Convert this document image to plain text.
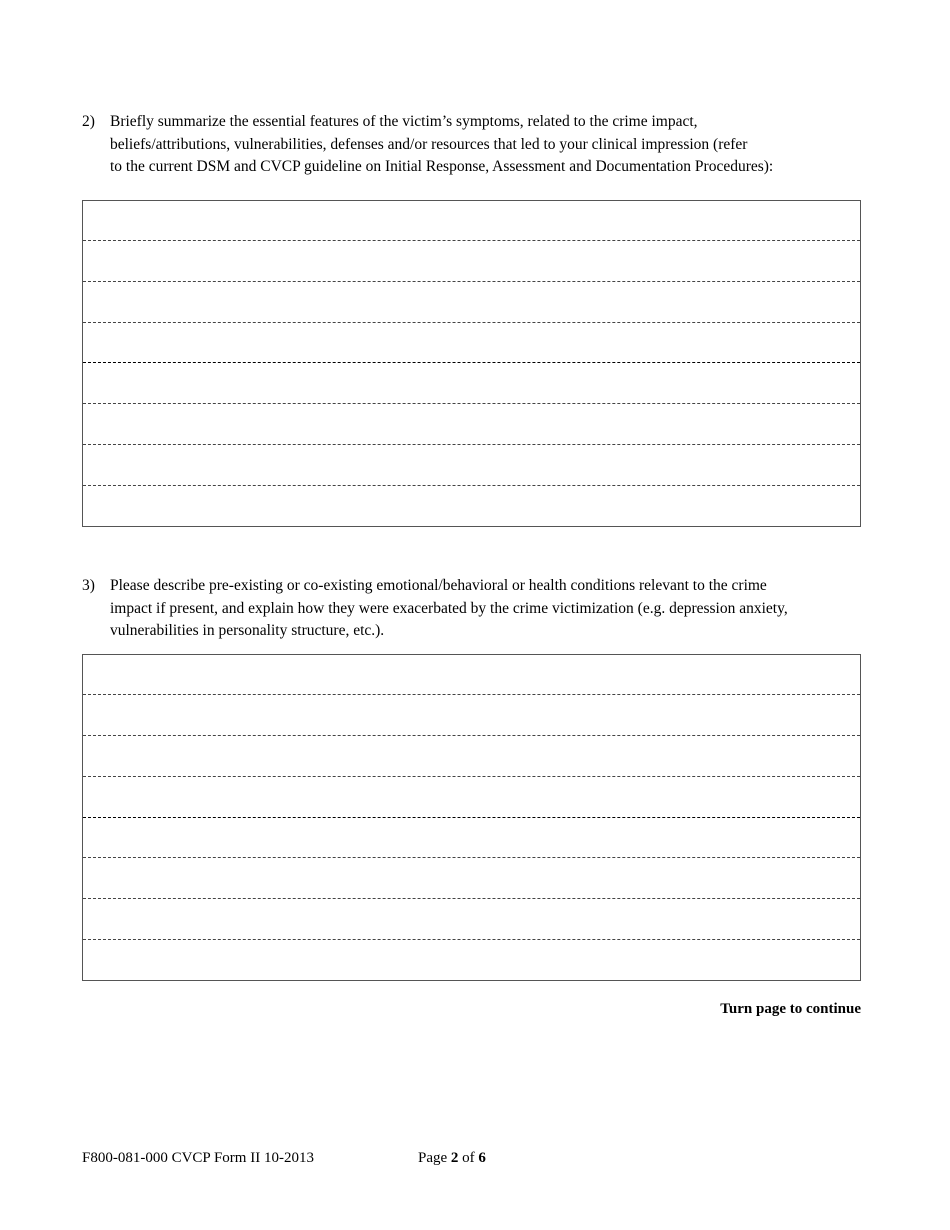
2) Briefly summarize the essential features of the victim’s symptoms, related to the crime impact,
beliefs/attributions, vulnerabilities, defenses and/or resources that led to your clinical impression (refer
to the current DSM and CVCP guideline on Initial Response, Assessment and Documentation Procedures):
3) Please describe pre-existing or co-existing emotional/behavioral or health conditions relevant to the crime
impact if present, and explain how they were exacerbated by the crime victimization (e.g. depression anxiety,
vulnerabilities in personality structure, etc.).
Turn page to continue
F800-081-000 CVCP Form II 10-2013	Page 2 of 6
